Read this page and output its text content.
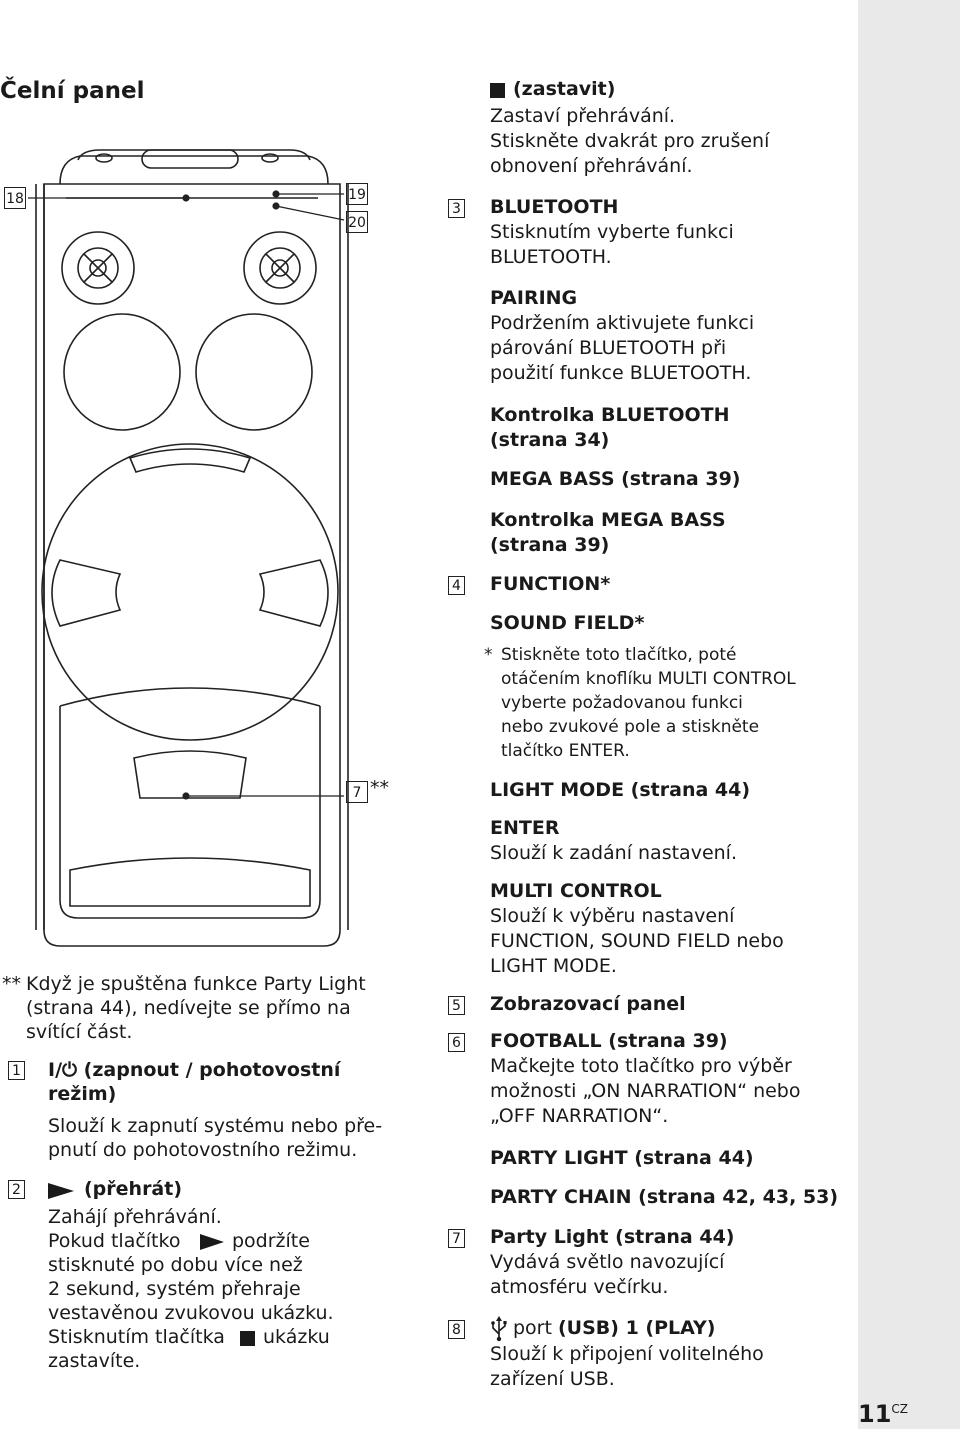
$11^{CZ}$
Čelní panel
18	19
20
7 **
** Když je spuštěna funkce Party Light
(strana 44), nedívejte se přímo na
svítící část.
1 I/⏻ (zapnout / pohotovostní
režim)
Slouží k zapnutí systému nebo pře-
pnutí do pohotovostního režimu.
2	(přehrát)
Zahájí přehrávání.
Pokud tlačítko	podržíte
stisknuté po dobu více než
2 sekund, systém přehraje
vestavěnou zvukovou ukázku.
Stisknutím tlačítka ukázku
zastavíte.
(zastavit)
Zastaví přehrávání.
Stiskněte dvakrát pro zrušení
obnovení přehrávání.
3 BLUETOOTH
Stisknutím vyberte funkci
BLUETOOTH.
PAIRING
Podržením aktivujete funkci
párování BLUETOOTH při
použití funkce BLUETOOTH.
Kontrolka BLUETOOTH
(strana 34)
MEGA BASS (strana 39)
Kontrolka MEGA BASS
(strana 39)
4 FUNCTION*
SOUND FIELD*
* Stiskněte toto tlačítko, poté
otáčením knoflíku MULTI CONTROL
vyberte požadovanou funkci
nebo zvukové pole a stiskněte
tlačítko ENTER.
LIGHT MODE (strana 44)
ENTER
Slouží k zadání nastavení.
MULTI CONTROL
Slouží k výběru nastavení
FUNCTION, SOUND FIELD nebo
LIGHT MODE.
5 Zobrazovací panel
6 FOOTBALL (strana 39)
Mačkejte toto tlačítko pro výběr
možnosti „ON NARRATION“ nebo
„OFF NARRATION“.
PARTY LIGHT (strana 44)
PARTY CHAIN (strana 42, 43, 53)
7 Party Light (strana 44)
Vydává světlo navozující
atmosféru večírku.
8	port (USB) 1 (PLAY)
Slouží k připojení volitelného
zařízení USB.
